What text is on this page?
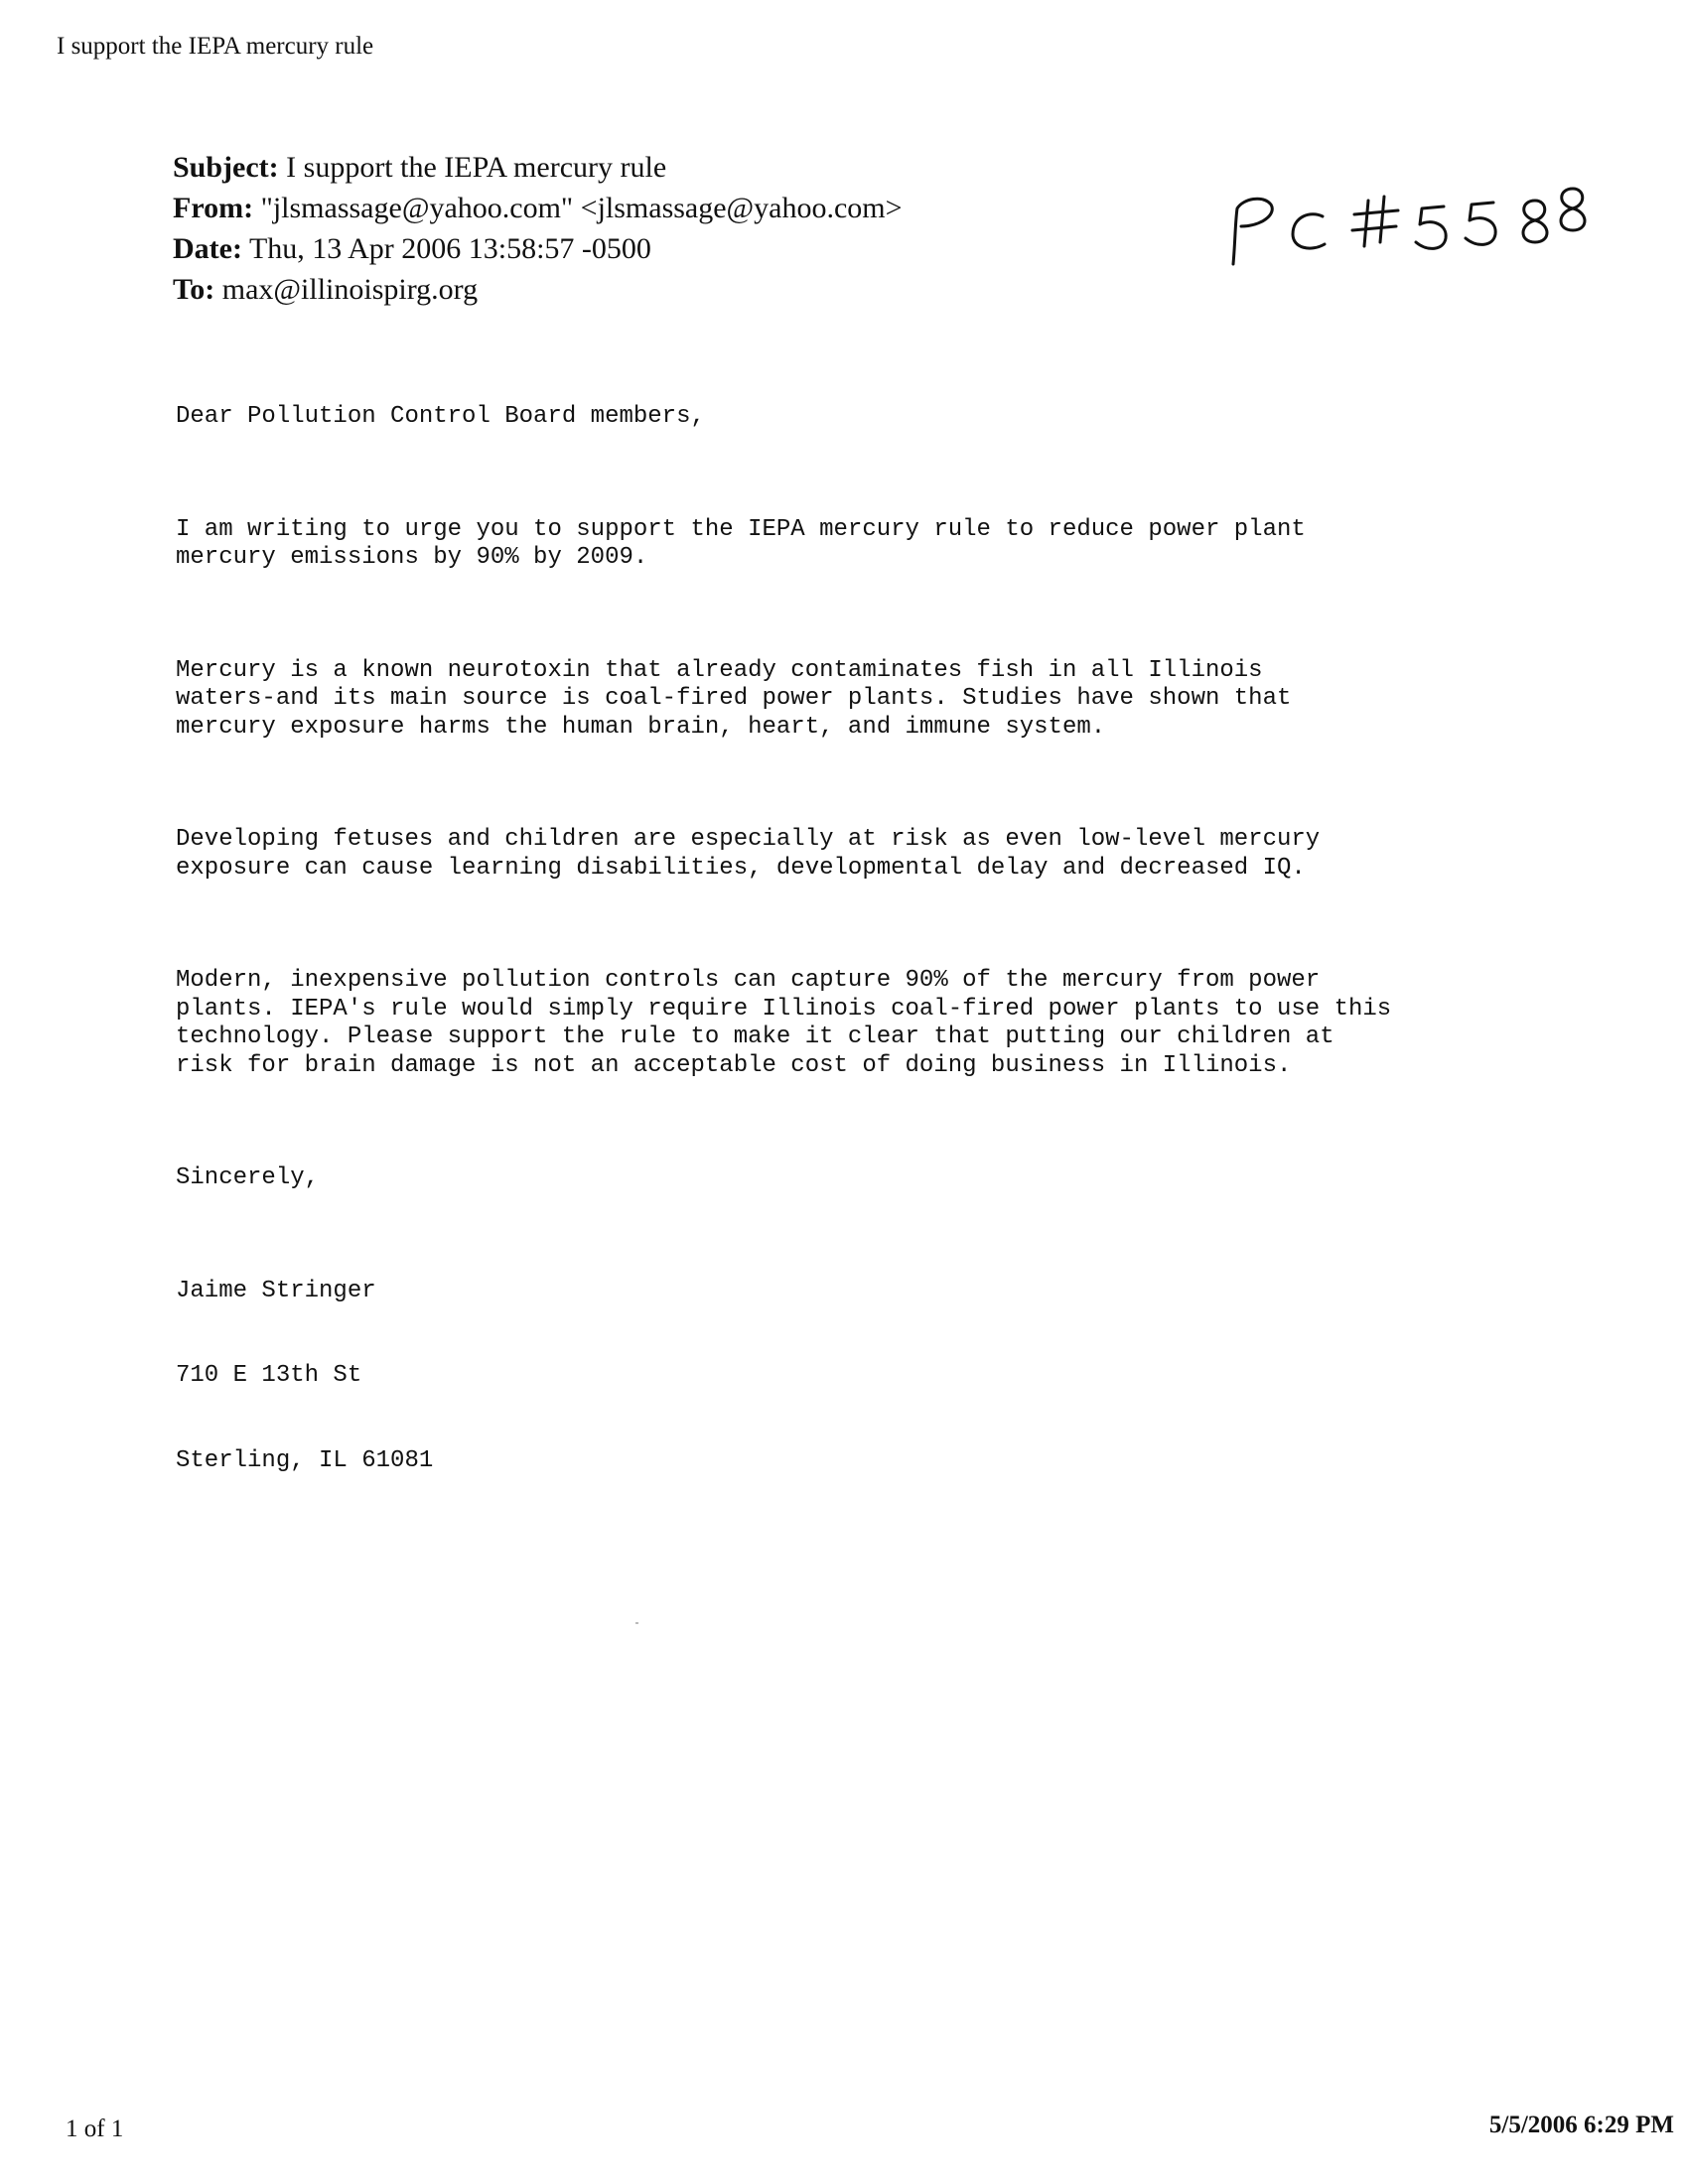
I support the IEPA mercury rule
Subject: I support the IEPA mercury rule
From: "jlsmassage@yahoo.com" <jlsmassage@yahoo.com>
Date: Thu, 13 Apr 2006 13:58:57 -0500
To: max@illinoispirg.org

Dear Pollution Control Board members,

I am writing to urge you to support the IEPA mercury rule to reduce power plant
mercury emissions by 90% by 2009.

Mercury is a known neurotoxin that already contaminates fish in all Illinois
waters-and its main source is coal-fired power plants. Studies have shown that
mercury exposure harms the human brain, heart, and immune system.

Developing fetuses and children are especially at risk as even low-level mercury
exposure can cause learning disabilities, developmental delay and decreased IQ.

Modern, inexpensive pollution controls can capture 90% of the mercury from power
plants. IEPA's rule would simply require Illinois coal-fired power plants to use this
technology. Please support the rule to make it clear that putting our children at
risk for brain damage is not an acceptable cost of doing business in Illinois.

Sincerely,

Jaime Stringer

710 E 13th St

Sterling, IL 61081

1 of 1	5/5/2006 6:29 PM
